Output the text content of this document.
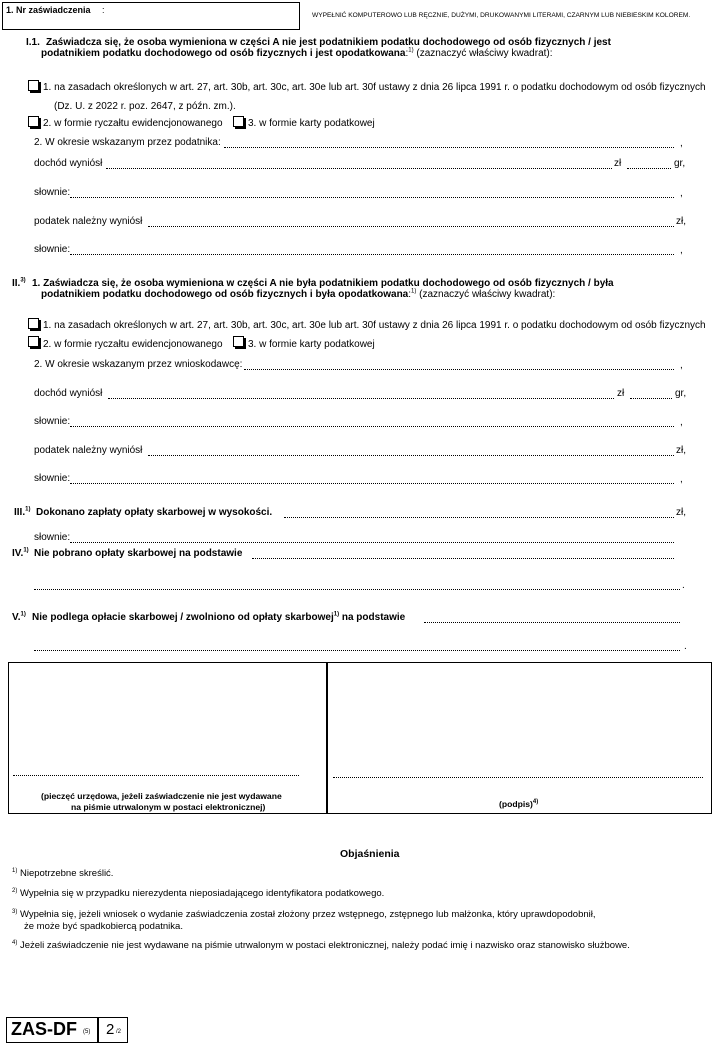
1. Nr zaświadczenia :
WYPEŁNIĆ KOMPUTEROWO LUB RĘCZNIE, DUŻYMI, DRUKOWANYMI LITERAMI, CZARNYM LUB NIEBIESKIM KOLOREM.
I.1. Zaświadcza się, że osoba wymieniona w części A nie jest podatnikiem podatku dochodowego od osób fizycznych / jest
podatnikiem podatku dochodowego od osób fizycznych i jest opodatkowana:$^{1)}$ (zaznaczyć właściwy kwadrat):
1. na zasadach określonych w art. 27, art. 30b, art. 30c, art. 30e lub art. 30f ustawy z dnia 26 lipca 1991 r. o podatku dochodowym od osób fizycznych
(Dz. U. z 2022 r. poz. 2647, z późn. zm.).
2. w formie ryczałtu ewidencjonowanego	3. w formie karty podatkowej
2. W okresie wskazanym przez podatnika:	,
dochód wyniósł	zł	gr,
słownie:	,
podatek należny wyniósł	zł,
słownie:	,
II.$^{3)}$ 1. Zaświadcza się, że osoba wymieniona w części A nie była podatnikiem podatku dochodowego od osób fizycznych / była
podatnikiem podatku dochodowego od osób fizycznych i była opodatkowana:$^{1)}$ (zaznaczyć właściwy kwadrat):
1. na zasadach określonych w art. 27, art. 30b, art. 30c, art. 30e lub art. 30f ustawy z dnia 26 lipca 1991 r. o podatku dochodowym od osób fizycznych
2. w formie ryczałtu ewidencjonowanego	3. w formie karty podatkowej
2. W okresie wskazanym przez wnioskodawcę:	,
dochód wyniósł	zł	gr,
słownie:	,
podatek należny wyniósł	zł,
słownie:	,
III.$^{1)}$ Dokonano zapłaty opłaty skarbowej w wysokości.	zł,
słownie:
IV.$^{1)}$ Nie pobrano opłaty skarbowej na podstawie
.
V.$^{1)}$ Nie podlega opłacie skarbowej / zwolniono od opłaty skarbowej$^{1)}$ na podstawie
.
(pieczęć urzędowa, jeżeli zaświadczenie nie jest wydawane
na piśmie utrwalonym w postaci elektronicznej)	(podpis)$^{4)}$
Objaśnienia
$^{1)}$ Niepotrzebne skreślić.
$^{2)}$ Wypełnia się w przypadku nierezydenta nieposiadającego identyfikatora podatkowego.
$^{3)}$ Wypełnia się, jeżeli wniosek o wydanie zaświadczenia został złożony przez wstępnego, zstępnego lub małżonka, który uprawdopodobnił,
że może być spadkobiercą podatnika.
$^{4)}$ Jeżeli zaświadczenie nie jest wydawane na piśmie utrwalonym w postaci elektronicznej, należy podać imię i nazwisko oraz stanowisko służbowe.
ZAS-DF (5) 2 /2
